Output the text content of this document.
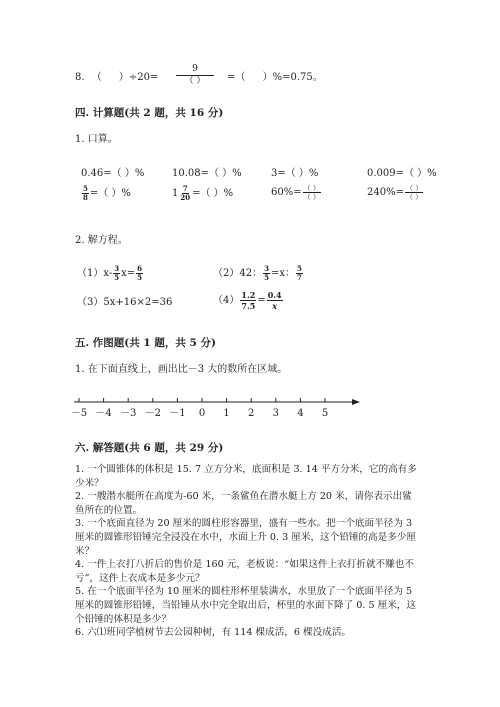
8. （ ）÷20=
9
（ ）	=（ ）%=0.75。
四. 计算题(共 2 题，共 16 分)
1. 口算。
0.46=（ ）%	10.08=（ ）%	3=（ ）%	0.009=（ ）%
$\frac{5}{8}$ =（ ）%	$1 \frac{7}{20}$ =（ ）%	$60\%= \frac{( )}{( )}$	$240\%= \frac{( )}{( )}$
2. 解方程。
$(1)x- \frac{3}{5} x= \frac{6}{5}$	（2）42： $\frac{3}{5} =x$： $\frac{5}{7}$
（3）5x+16×2=36	$(4) \frac{1.2}{7.5} = \frac{0.4}{x}$
五. 作图题(共 1 题，共 5 分)
1. 在下面直线上，画出比－3 大的数所在区域。
－5 －4 －3 －2 －1 0 1 2 3 4 5
六. 解答题(共 6 题，共 29 分)
1. 一个圆锥体的体积是 15. 7 立方分米，底面积是 3. 14 平方分米，它的高有多少米？
2. 一艘潜水艇所在高度为-60 米，一条鲨鱼在潜水艇上方 20 米，请你表示出鲨鱼所在的位置。
3. 一个底面直径为 20 厘米的圆柱形容器里，盛有一些水。把一个底面半径为 3 厘米的圆锥形铅锤完全浸没在水中，水面上升 0. 3 厘米，这个铅锤的高是多少厘米？
4. 一件上衣打八折后的售价是 160 元，老板说：“如果这件上衣打折就不赚也不亏”，这件上衣成本是多少元？
5. 在一个底面半径为 10 厘米的圆柱形杯里装满水，水里放了一个底面半径为 5 厘米的圆锥形铅锤，当铅锤从水中完全取出后，杯里的水面下降了 0. 5 厘米，这个铅锤的体积是多少？
6. 六⑴班同学植树节去公园种树，有 114 棵成活，6 棵没成活。
